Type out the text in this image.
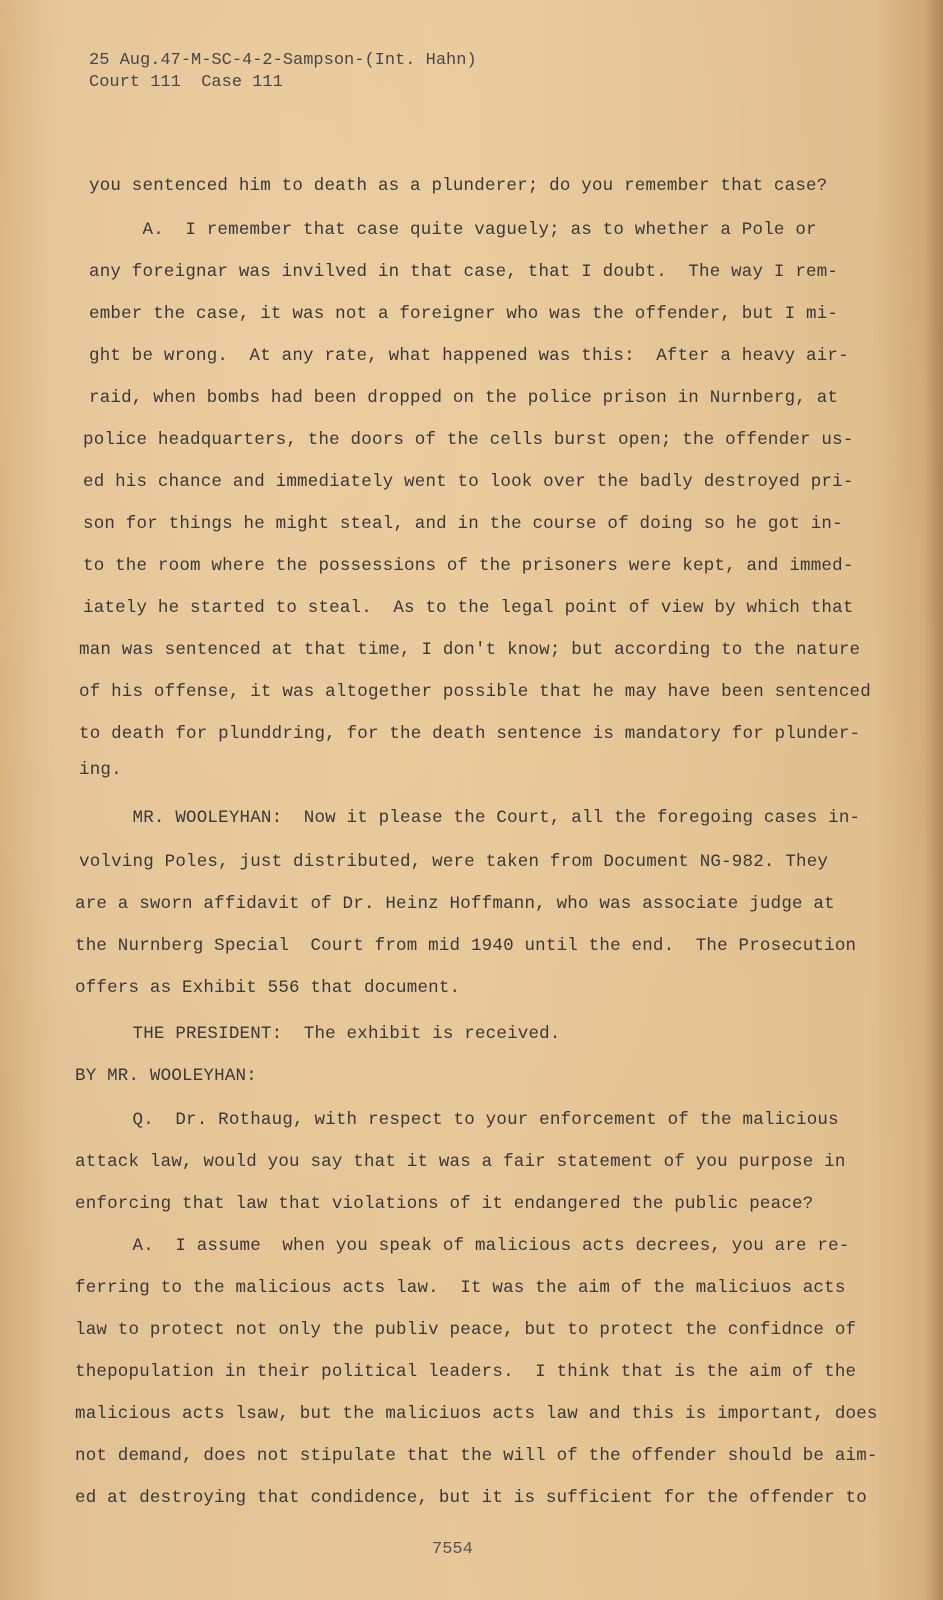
25 Aug.47-M-SC-4-2-Sampson-(Int. Hahn)
Court 111  Case 111
you sentenced him to death as a plunderer; do you remember that case?
A.  I remember that case quite vaguely; as to whether a Pole or
any foreignar was invilved in that case, that I doubt.  The way I rem-
ember the case, it was not a foreigner who was the offender, but I mi-
ght be wrong.  At any rate, what happened was this:  After a heavy air-
raid, when bombs had been dropped on the police prison in Nurnberg, at
police headquarters, the doors of the cells burst open; the offender us-
ed his chance and immediately went to look over the badly destroyed pri-
son for things he might steal, and in the course of doing so he got in-
to the room where the possessions of the prisoners were kept, and immed-
iately he started to steal.  As to the legal point of view by which that
man was sentenced at that time, I don't know; but according to the nature
of his offense, it was altogether possible that he may have been sentenced
to death for plunddring, for the death sentence is mandatory for plunder-
ing.
MR. WOOLEYHAN:  Now it please the Court, all the foregoing cases in-
volving Poles, just distributed, were taken from Document NG-982. They
are a sworn affidavit of Dr. Heinz Hoffmann, who was associate judge at
the Nurnberg Special  Court from mid 1940 until the end.  The Prosecution
offers as Exhibit 556 that document.
THE PRESIDENT:  The exhibit is received.
BY MR. WOOLEYHAN:
Q.  Dr. Rothaug, with respect to your enforcement of the malicious
attack law, would you say that it was a fair statement of you purpose in
enforcing that law that violations of it endangered the public peace?
A.  I assume  when you speak of malicious acts decrees, you are re-
ferring to the malicious acts law.  It was the aim of the maliciuos acts
law to protect not only the publiv peace, but to protect the confidnce of
thepopulation in their political leaders.  I think that is the aim of the
malicious acts lsaw, but the maliciuos acts law and this is important, does
not demand, does not stipulate that the will of the offender should be aim-
ed at destroying that condidence, but it is sufficient for the offender to
7554
